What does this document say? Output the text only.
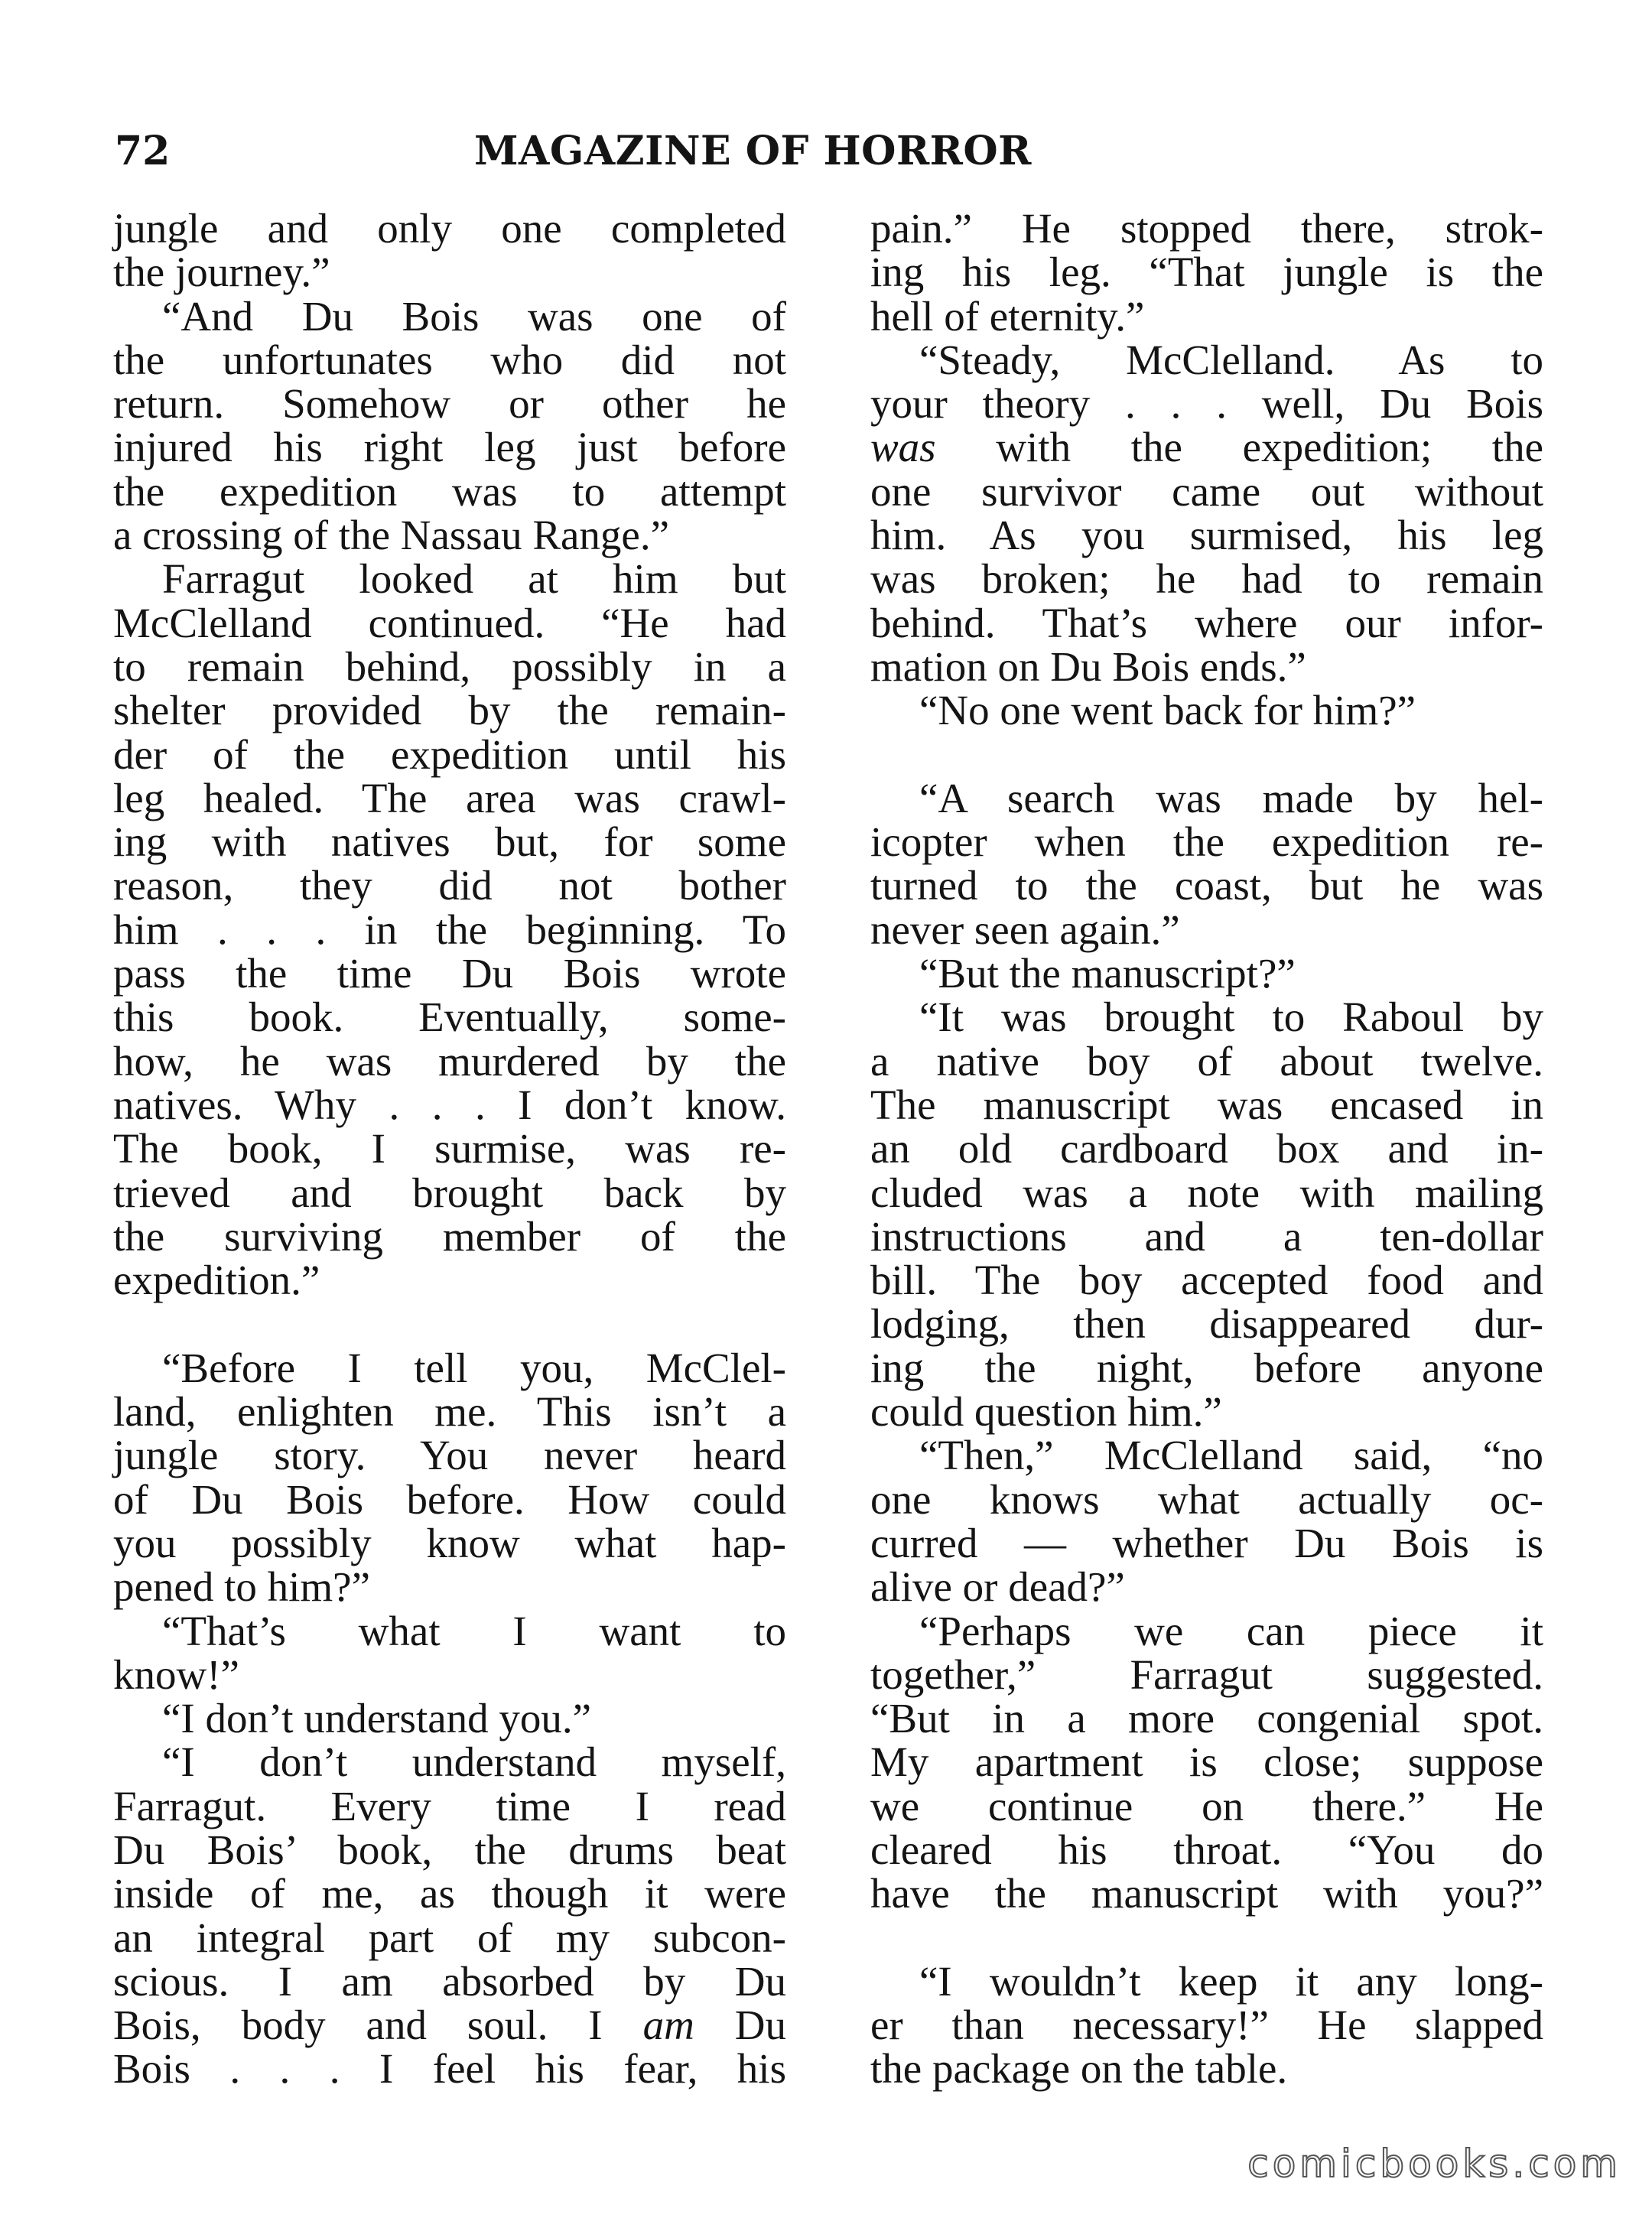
72	MAGAZINE OF HORROR
jungle and only one completed
the journey.”
“And Du Bois was one of
the unfortunates who did not
return. Somehow or other he
injured his right leg just before
the expedition was to attempt
a crossing of the Nassau Range.”
Farragut looked at him but
McClelland continued. “He had
to remain behind, possibly in a
shelter provided by the remain-
der of the expedition until his
leg healed. The area was crawl-
ing with natives but, for some
reason, they did not bother
him . . . in the beginning. To
pass the time Du Bois wrote
this book. Eventually, some-
how, he was murdered by the
natives. Why . . . I don’t know.
The book, I surmise, was re-
trieved and brought back by
the surviving member of the
expedition.”
“Before I tell you, McClel-
land, enlighten me. This isn’t a
jungle story. You never heard
of Du Bois before. How could
you possibly know what hap-
pened to him?”
“That’s what I want to
know!”
“I don’t understand you.”
“I don’t understand myself,
Farragut. Every time I read
Du Bois’ book, the drums beat
inside of me, as though it were
an integral part of my subcon-
scious. I am absorbed by Du
Bois, body and soul. I am Du
Bois . . . I feel his fear, his
pain.” He stopped there, strok-
ing his leg. “That jungle is the
hell of eternity.”
“Steady, McClelland. As to
your theory . . . well, Du Bois
was with the expedition; the
one survivor came out without
him. As you surmised, his leg
was broken; he had to remain
behind. That’s where our infor-
mation on Du Bois ends.”
“No one went back for him?”
“A search was made by hel-
icopter when the expedition re-
turned to the coast, but he was
never seen again.”
“But the manuscript?”
“It was brought to Raboul by
a native boy of about twelve.
The manuscript was encased in
an old cardboard box and in-
cluded was a note with mailing
instructions and a ten-dollar
bill. The boy accepted food and
lodging, then disappeared dur-
ing the night, before anyone
could question him.”
“Then,” McClelland said, “no
one knows what actually oc-
curred — whether Du Bois is
alive or dead?”
“Perhaps we can piece it
together,” Farragut suggested.
“But in a more congenial spot.
My apartment is close; suppose
we continue on there.” He
cleared his throat. “You do
have the manuscript with you?”
“I wouldn’t keep it any long-
er than necessary!” He slapped
the package on the table.
comicbooks.com
